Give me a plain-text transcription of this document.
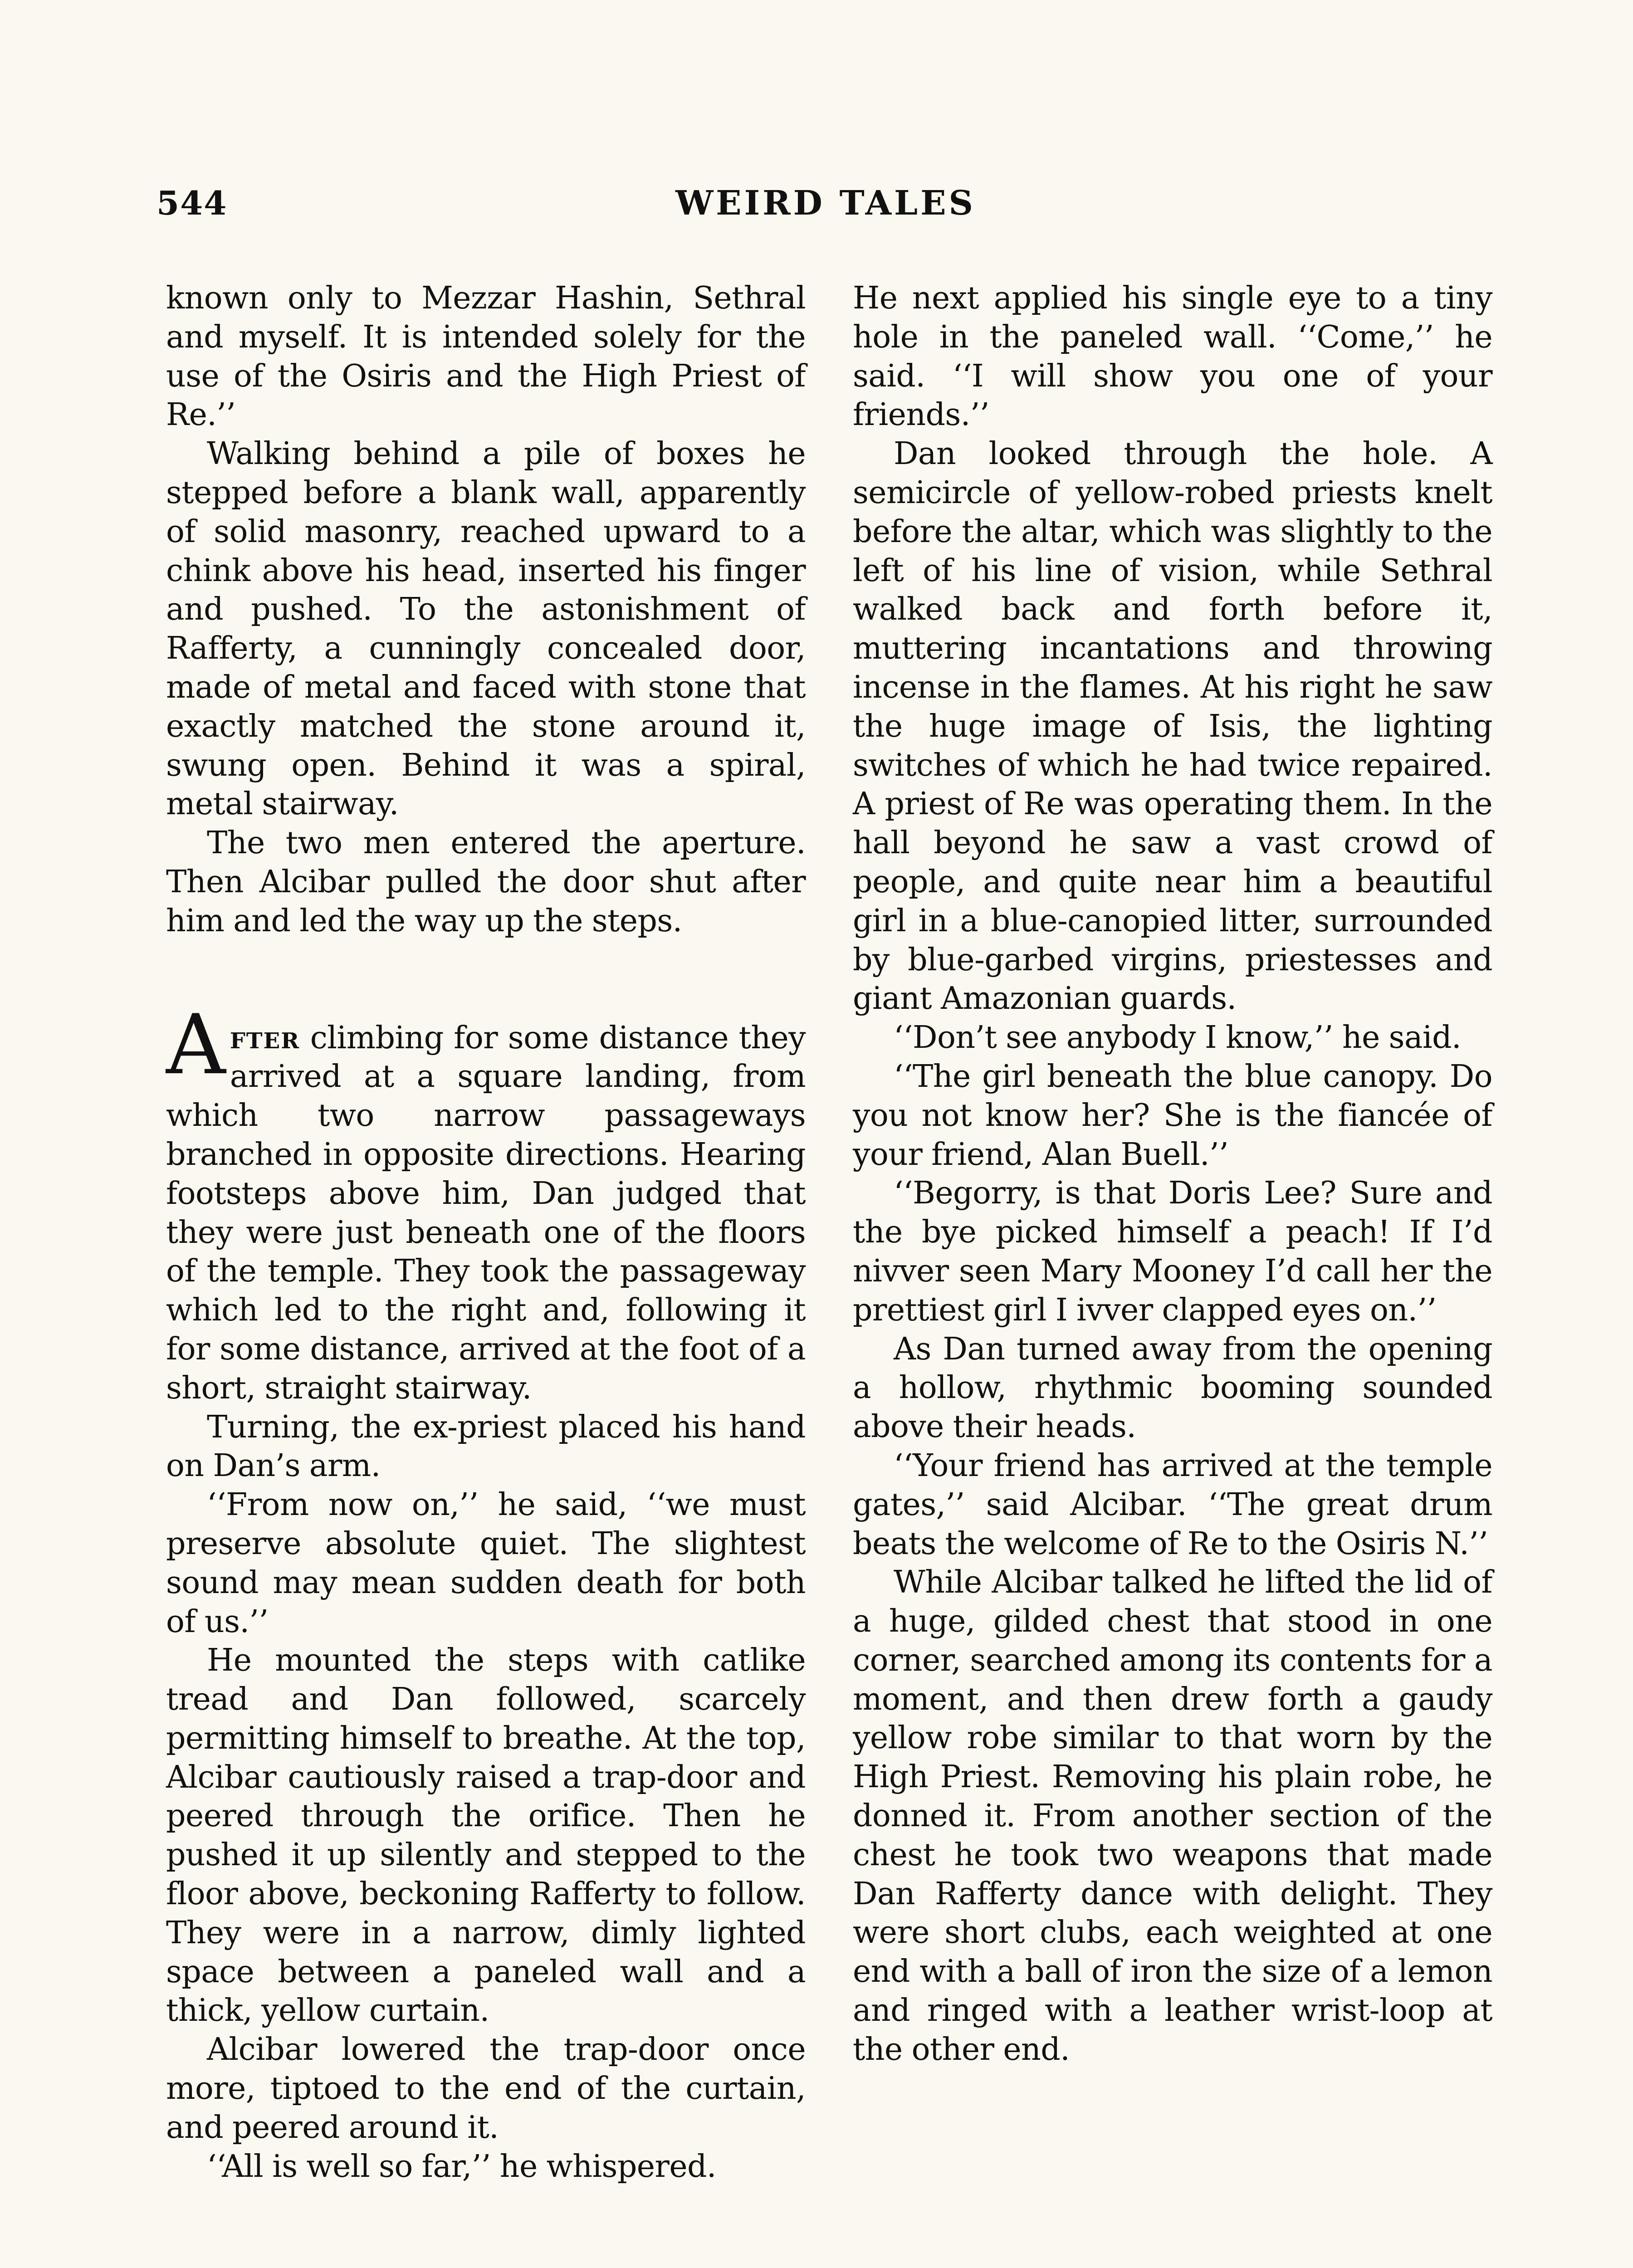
544	WEIRD TALES

known only to Mezzar Hashin, Sethral and myself. It is intended solely for the use of the Osiris and the High Priest of Re.’’

Walking behind a pile of boxes he stepped before a blank wall, apparently of solid masonry, reached upward to a chink above his head, inserted his finger and pushed. To the astonishment of Rafferty, a cunningly concealed door, made of metal and faced with stone that exactly matched the stone around it, swung open. Behind it was a spiral, metal stairway.

The two men entered the aperture. Then Alcibar pulled the door shut after him and led the way up the steps.

After climbing for some distance they arrived at a square landing, from which two narrow passageways branched in opposite directions. Hearing footsteps above him, Dan judged that they were just beneath one of the floors of the temple. They took the passageway which led to the right and, following it for some distance, arrived at the foot of a short, straight stairway.

Turning, the ex-priest placed his hand on Dan’s arm.

‘‘From now on,’’ he said, ‘‘we must preserve absolute quiet. The slightest sound may mean sudden death for both of us.’’

He mounted the steps with catlike tread and Dan followed, scarcely permitting himself to breathe. At the top, Alcibar cautiously raised a trap-door and peered through the orifice. Then he pushed it up silently and stepped to the floor above, beckoning Rafferty to follow. They were in a narrow, dimly lighted space between a paneled wall and a thick, yellow curtain.

Alcibar lowered the trap-door once more, tiptoed to the end of the curtain, and peered around it.

‘‘All is well so far,’’ he whispered.

He next applied his single eye to a tiny hole in the paneled wall. ‘‘Come,’’ he said. ‘‘I will show you one of your friends.’’

Dan looked through the hole. A semicircle of yellow-robed priests knelt before the altar, which was slightly to the left of his line of vision, while Sethral walked back and forth before it, muttering incantations and throwing incense in the flames. At his right he saw the huge image of Isis, the lighting switches of which he had twice repaired. A priest of Re was operating them. In the hall beyond he saw a vast crowd of people, and quite near him a beautiful girl in a blue-canopied litter, surrounded by blue-garbed virgins, priestesses and giant Amazonian guards.

‘‘Don’t see anybody I know,’’ he said.

‘‘The girl beneath the blue canopy. Do you not know her? She is the fiancée of your friend, Alan Buell.’’

‘‘Begorry, is that Doris Lee? Sure and the bye picked himself a peach! If I’d nivver seen Mary Mooney I’d call her the prettiest girl I ivver clapped eyes on.’’

As Dan turned away from the opening a hollow, rhythmic booming sounded above their heads.

‘‘Your friend has arrived at the temple gates,’’ said Alcibar. ‘‘The great drum beats the welcome of Re to the Osiris N.’’

While Alcibar talked he lifted the lid of a huge, gilded chest that stood in one corner, searched among its contents for a moment, and then drew forth a gaudy yellow robe similar to that worn by the High Priest. Removing his plain robe, he donned it. From another section of the chest he took two weapons that made Dan Rafferty dance with delight. They were short clubs, each weighted at one end with a ball of iron the size of a lemon and ringed with a leather wrist-loop at the other end.
